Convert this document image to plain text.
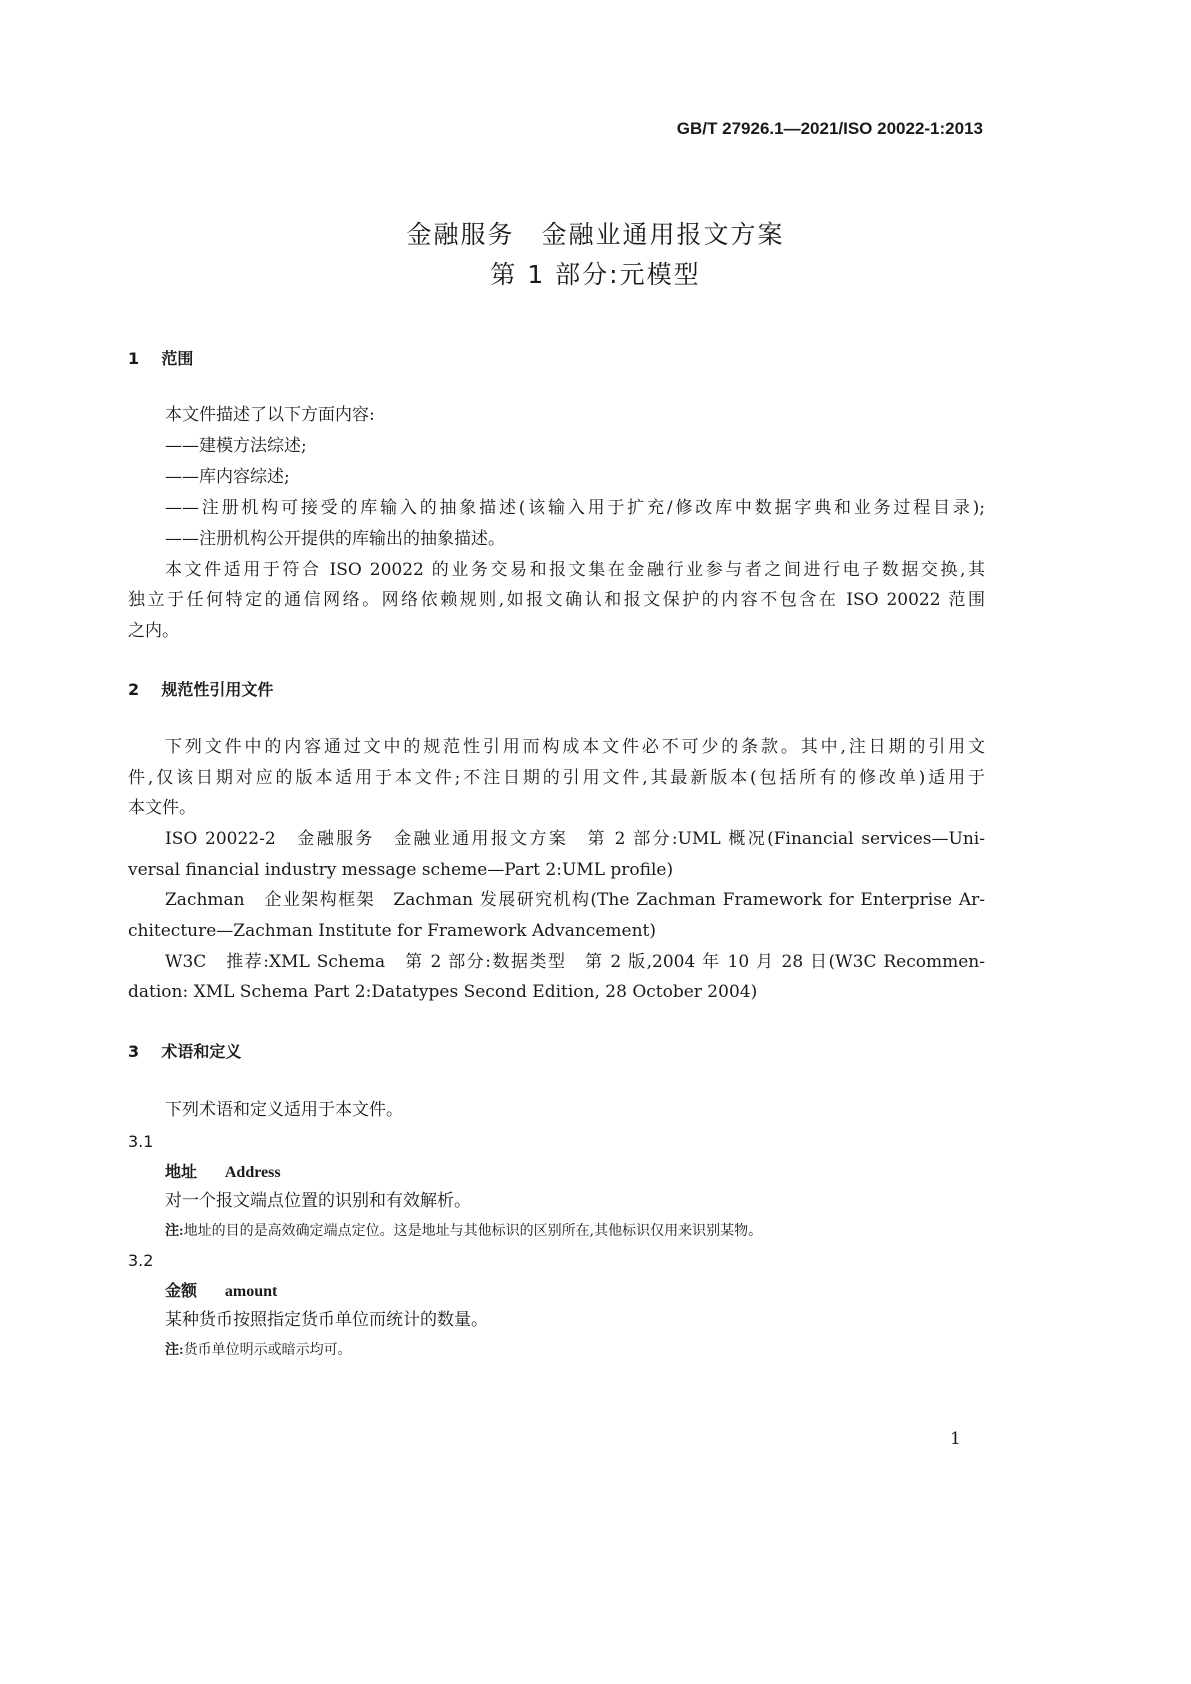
GB/T 27926.1—2021/ISO 20022-1:2013
金融服务　金融业通用报文方案
第 1 部分:元模型
1 范围
本文件描述了以下方面内容:
——建模方法综述;
——库内容综述;
——注册机构可接受的库输入的抽象描述(该输入用于扩充/修改库中数据字典和业务过程目录);
——注册机构公开提供的库输出的抽象描述。
本文件适用于符合 ISO 20022 的业务交易和报文集在金融行业参与者之间进行电子数据交换,其
独立于任何特定的通信网络。网络依赖规则,如报文确认和报文保护的内容不包含在 ISO 20022 范围
之内。
2 规范性引用文件
下列文件中的内容通过文中的规范性引用而构成本文件必不可少的条款。其中,注日期的引用文
件,仅该日期对应的版本适用于本文件;不注日期的引用文件,其最新版本(包括所有的修改单)适用于
本文件。
ISO 20022-2　金融服务　金融业通用报文方案　第 2 部分:UML 概况(Financial services—Uni-
versal financial industry message scheme—Part 2:UML profile)
Zachman　企业架构框架　Zachman 发展研究机构(The Zachman Framework for Enterprise Ar-
chitecture—Zachman Institute for Framework Advancement)
W3C　推荐:XML Schema　第 2 部分:数据类型　第 2 版,2004 年 10 月 28 日(W3C Recommen-
dation: XML Schema Part 2:Datatypes Second Edition, 28 October 2004)
3 术语和定义
下列术语和定义适用于本文件。
3.1
地址 Address
对一个报文端点位置的识别和有效解析。
注:地址的目的是高效确定端点定位。这是地址与其他标识的区别所在,其他标识仅用来识别某物。
3.2
金额 amount
某种货币按照指定货币单位而统计的数量。
注:货币单位明示或暗示均可。
1
